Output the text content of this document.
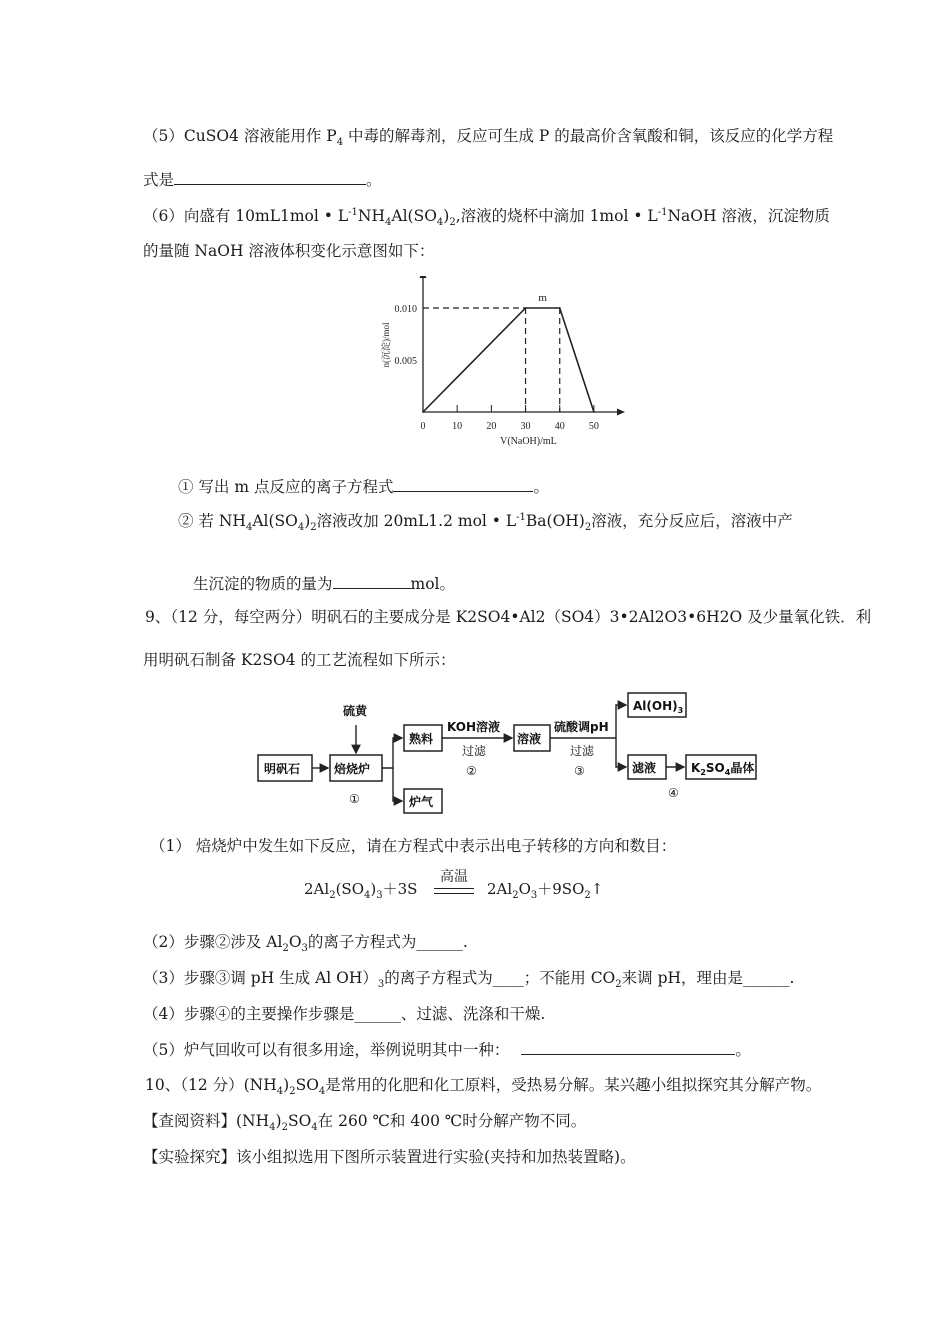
（5）CuSO4 溶液能用作 $P_4$ 中毒的解毒剂，反应可生成 P 的最高价含氧酸和铜，该反应的化学方程
式是	。
（6）向盛有 10mL1mol • $L^{-1}NH_4Al(SO_4)_2$,溶液的烧杯中滴加 1mol • $L^{-1}NaOH$ 溶液，沉淀物质
的量随 NaOH 溶液体积变化示意图如下：
0	10 20 30 40 50
0.005
0.010
m
V(NaOH)/mL
n(沉淀)/mol
① 写出 m 点反应的离子方程式	。
② 若 $NH_4Al(SO_4)_2$溶液改加 20mL1.2 mol • $L^{-1}Ba(OH)_2$溶液，充分反应后，溶液中产
生沉淀的物质的量为	mol。
9、（12 分，每空两分）明矾石的主要成分是 K2SO4•Al2（SO4）3•2Al2O3•6H2O 及少量氧化铁．利
用明矾石制备 K2SO4 的工艺流程如下所示：
明矾石	焙烧炉
硫黄
①
熟料
炉气
KOH溶液
过滤
②
溶液
硫酸调pH
过滤
③
$Al(OH)_3$
滤液
④
$K_2SO_4$晶体
（1） 焙烧炉中发生如下反应，请在方程式中表示出电子转移的方向和数目：
$2Al_2(SO_4)_3+3S$
高温
$2Al_2O_3+9SO_2↑$
（2）步骤②涉及 $Al_2O_3$的离子方程式为______.
（3）步骤③调 pH 生成 Al $OH)_3$的离子方程式为____；不能用 $CO_2$来调 pH，理由是______.
（4）步骤④的主要操作步骤是______、过滤、洗涤和干燥.
（5）炉气回收可以有很多用途，举例说明其中一种：	。
10、（12 分）$(NH_4)_2SO_4$是常用的化肥和化工原料，受热易分解。某兴趣小组拟探究其分解产物。
【查阅资料】$(NH_4)_2SO_4$在 260 ℃和 400 ℃时分解产物不同。
【实验探究】该小组拟选用下图所示装置进行实验(夹持和加热装置略)。
